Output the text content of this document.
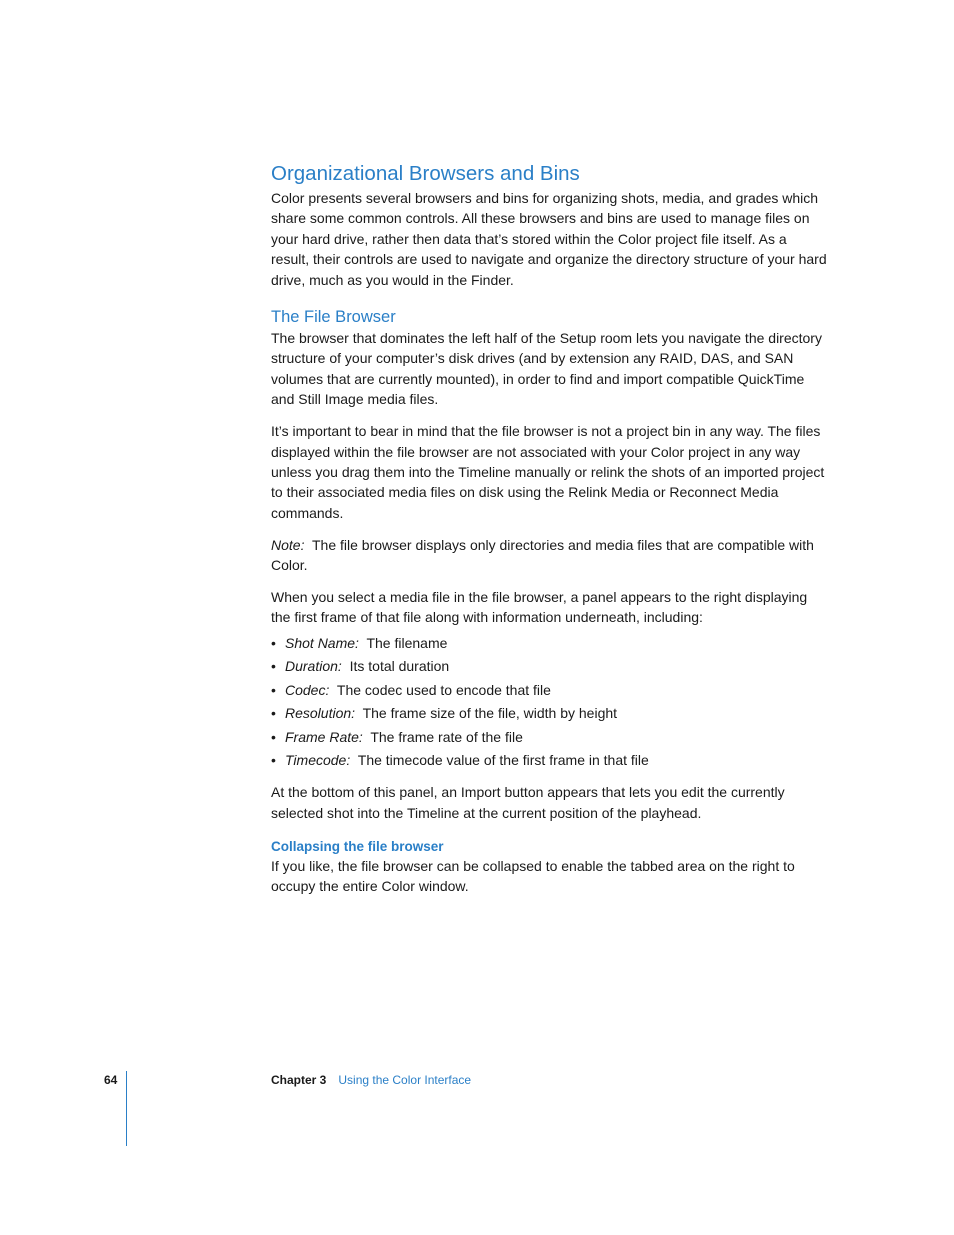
Organizational Browsers and Bins

Color presents several browsers and bins for organizing shots, media, and grades which share some common controls. All these browsers and bins are used to manage files on your hard drive, rather then data that’s stored within the Color project file itself. As a result, their controls are used to navigate and organize the directory structure of your hard drive, much as you would in the Finder.

The File Browser

The browser that dominates the left half of the Setup room lets you navigate the directory structure of your computer’s disk drives (and by extension any RAID, DAS, and SAN volumes that are currently mounted), in order to find and import compatible QuickTime and Still Image media files.

It’s important to bear in mind that the file browser is not a project bin in any way. The files displayed within the file browser are not associated with your Color project in any way unless you drag them into the Timeline manually or relink the shots of an imported project to their associated media files on disk using the Relink Media or Reconnect Media commands.

Note: The file browser displays only directories and media files that are compatible with Color.

When you select a media file in the file browser, a panel appears to the right displaying the first frame of that file along with information underneath, including:

• Shot Name: The filename
• Duration: Its total duration
• Codec: The codec used to encode that file
• Resolution: The frame size of the file, width by height
• Frame Rate: The frame rate of the file
• Timecode: The timecode value of the first frame in that file

At the bottom of this panel, an Import button appears that lets you edit the currently selected shot into the Timeline at the current position of the playhead.

Collapsing the file browser

If you like, the file browser can be collapsed to enable the tabbed area on the right to occupy the entire Color window.

64	Chapter 3 Using the Color Interface
